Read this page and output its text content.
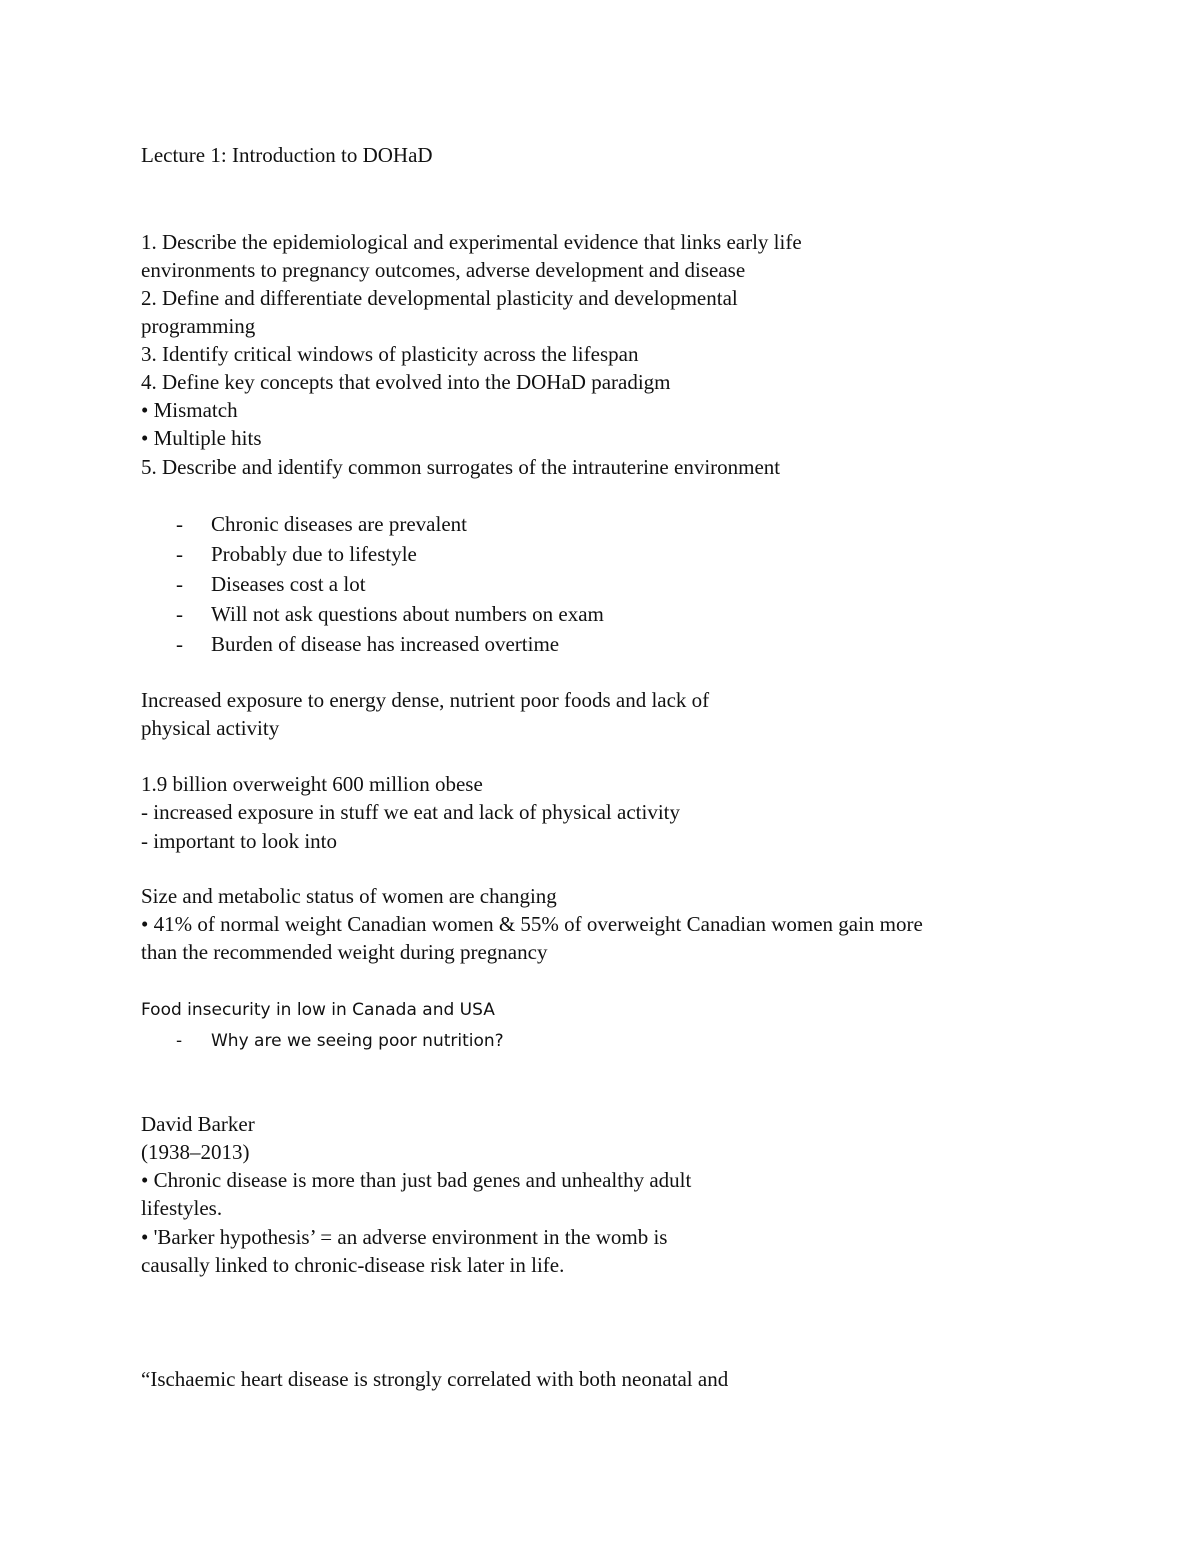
Lecture 1: Introduction to DOHaD

1. Describe the epidemiological and experimental evidence that links early life

environments to pregnancy outcomes, adverse development and disease

2. Define and differentiate developmental plasticity and developmental

programming

3. Identify critical windows of plasticity across the lifespan

4. Define key concepts that evolved into the DOHaD paradigm

• Mismatch

• Multiple hits

5. Describe and identify common surrogates of the intrauterine environment

- Chronic diseases are prevalent

- Probably due to lifestyle

- Diseases cost a lot

- Will not ask questions about numbers on exam

- Burden of disease has increased overtime

Increased exposure to energy dense, nutrient poor foods and lack of

physical activity

1.9 billion overweight 600 million obese

- increased exposure in stuff we eat and lack of physical activity

- important to look into

Size and metabolic status of women are changing

• 41% of normal weight Canadian women & 55% of overweight Canadian women gain more

than the recommended weight during pregnancy

Food insecurity in low in Canada and USA

- Why are we seeing poor nutrition?

David Barker

(1938–2013)

• Chronic disease is more than just bad genes and unhealthy adult

lifestyles.

• 'Barker hypothesis’ = an adverse environment in the womb is

causally linked to chronic-disease risk later in life.

“Ischaemic heart disease is strongly correlated with both neonatal and
